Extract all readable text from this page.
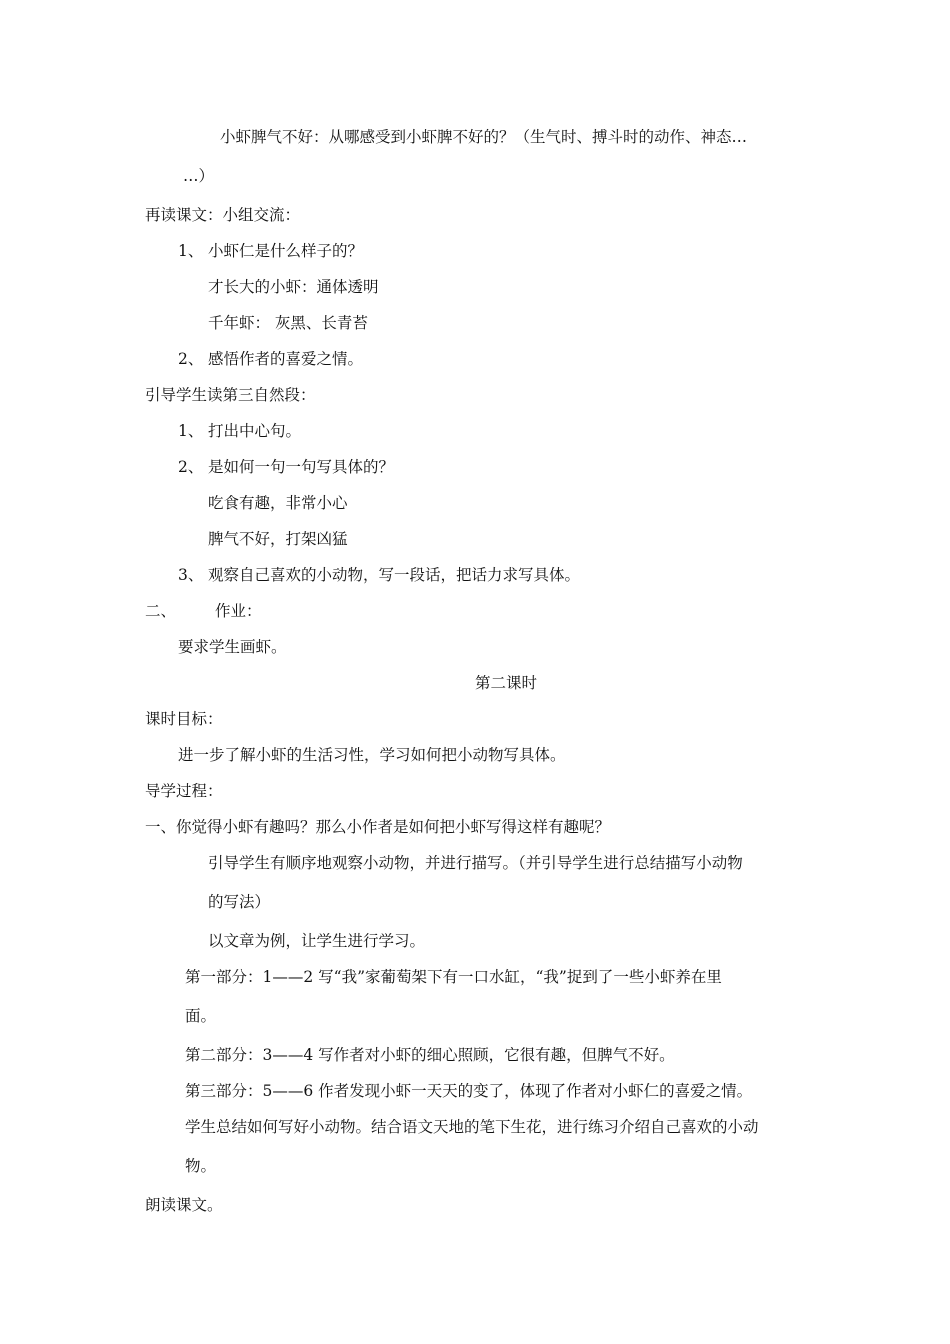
小虾脾气不好：从哪感受到小虾脾不好的？（生气时、搏斗时的动作、神态…
…）
再读课文：小组交流：
1、 小虾仁是什么样子的？
才长大的小虾：通体透明
千年虾： 灰黑、长青苔
2、 感悟作者的喜爱之情。
引导学生读第三自然段：
1、 打出中心句。
2、 是如何一句一句写具体的？
吃食有趣，非常小心
脾气不好，打架凶猛
3、 观察自己喜欢的小动物，写一段话，把话力求写具体。
二、	作业：
要求学生画虾。
第二课时
课时目标：
进一步了解小虾的生活习性，学习如何把小动物写具体。
导学过程：
一、你觉得小虾有趣吗？那么小作者是如何把小虾写得这样有趣呢？
引导学生有顺序地观察小动物，并进行描写。（并引导学生进行总结描写小动物
的写法）
以文章为例，让学生进行学习。
第一部分：1——2 写“我”家葡萄架下有一口水缸，“我”捉到了一些小虾养在里
面。
第二部分：3——4 写作者对小虾的细心照顾，它很有趣，但脾气不好。
第三部分：5——6 作者发现小虾一天天的变了，体现了作者对小虾仁的喜爱之情。
学生总结如何写好小动物。结合语文天地的笔下生花，进行练习介绍自己喜欢的小动
物。
朗读课文。
